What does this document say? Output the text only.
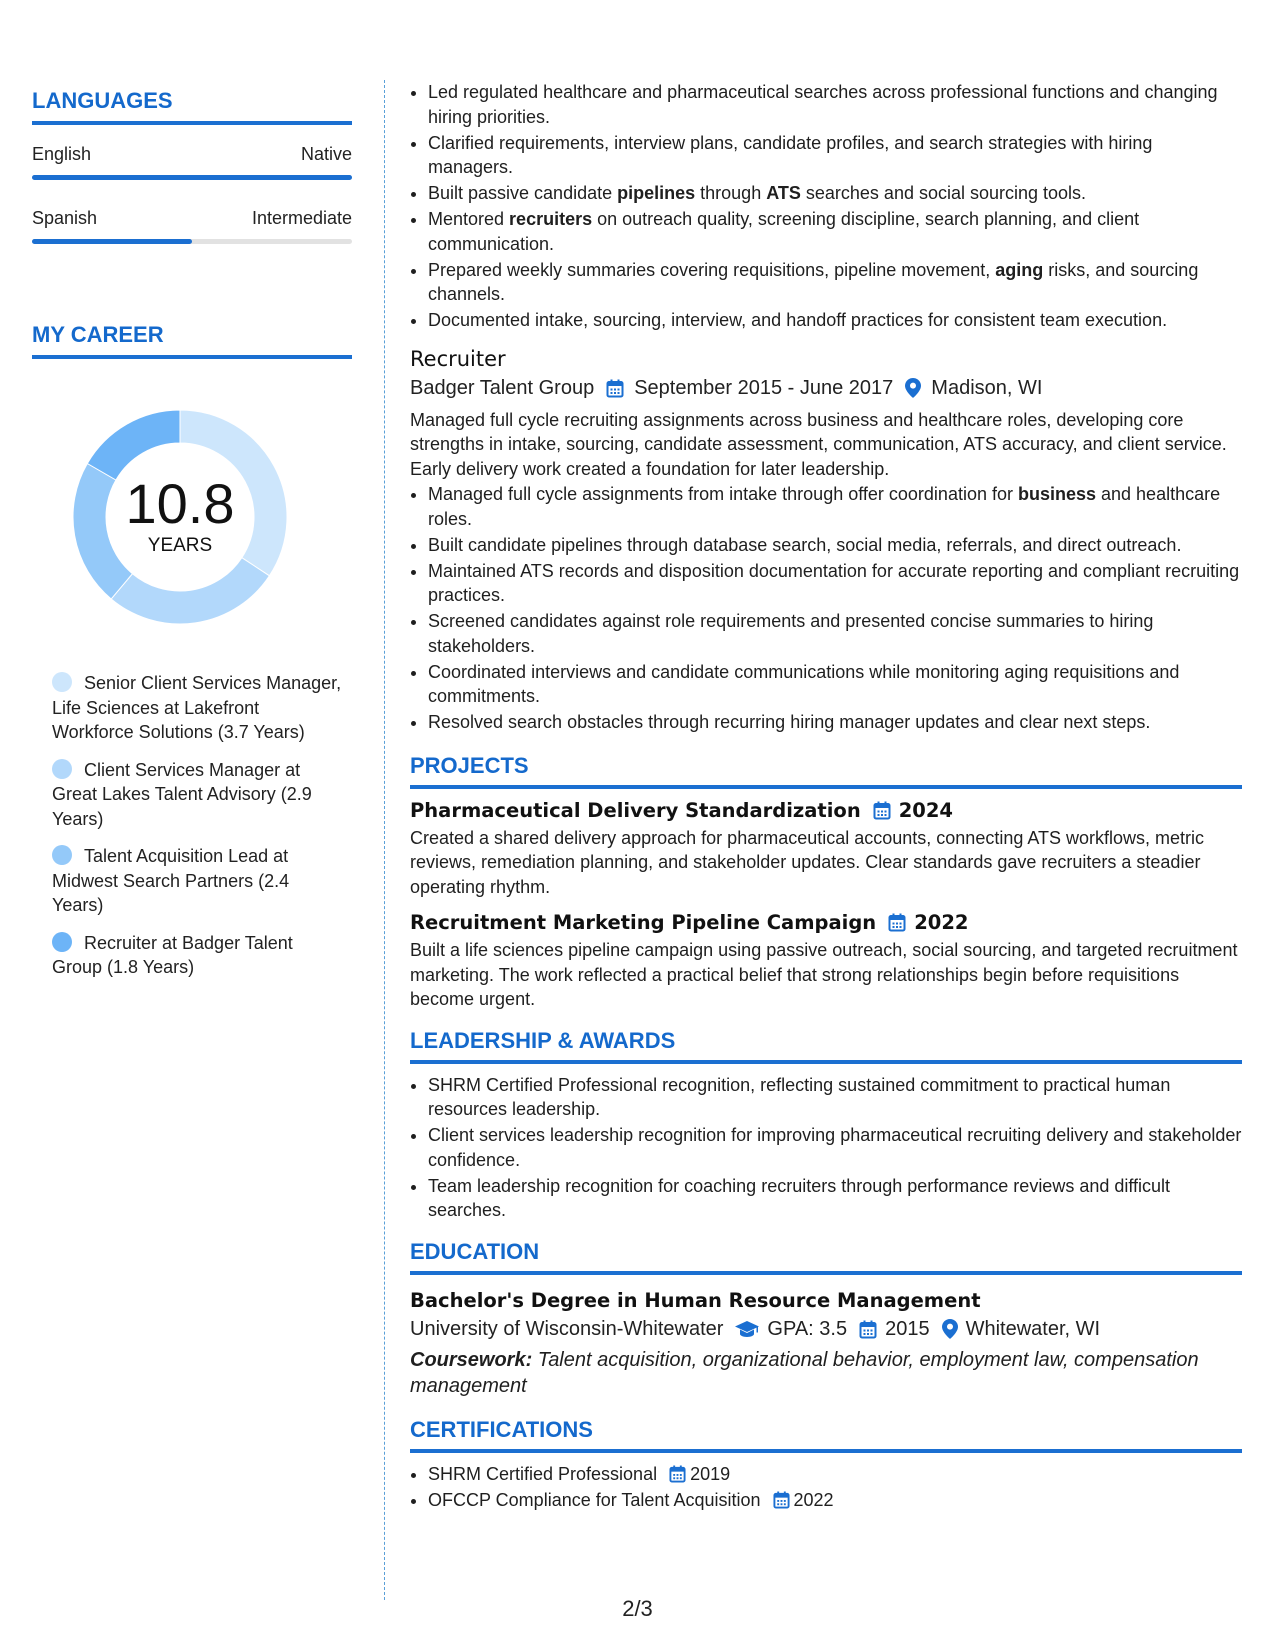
LANGUAGES
English	Native
Spanish	Intermediate
MY CAREER
10.8
YEARS
Senior Client Services Manager, Life Sciences at Lakefront Workforce Solutions (3.7 Years)
Client Services Manager at Great Lakes Talent Advisory (2.9 Years)
Talent Acquisition Lead at Midwest Search Partners (2.4 Years)
Recruiter at Badger Talent Group (1.8 Years)
• Led regulated healthcare and pharmaceutical searches across professional functions and changing hiring priorities.
• Clarified requirements, interview plans, candidate profiles, and search strategies with hiring managers.
• Built passive candidate pipelines through ATS searches and social sourcing tools.
• Mentored recruiters on outreach quality, screening discipline, search planning, and client communication.
• Prepared weekly summaries covering requisitions, pipeline movement, aging risks, and sourcing channels.
• Documented intake, sourcing, interview, and handoff practices for consistent team execution.
Recruiter
Badger Talent Group September 2015 - June 2017 Madison, WI
Managed full cycle recruiting assignments across business and healthcare roles, developing core strengths in intake, sourcing, candidate assessment, communication, ATS accuracy, and client service. Early delivery work created a foundation for later leadership.
• Managed full cycle assignments from intake through offer coordination for business and healthcare roles.
• Built candidate pipelines through database search, social media, referrals, and direct outreach.
• Maintained ATS records and disposition documentation for accurate reporting and compliant recruiting practices.
• Screened candidates against role requirements and presented concise summaries to hiring stakeholders.
• Coordinated interviews and candidate communications while monitoring aging requisitions and commitments.
• Resolved search obstacles through recurring hiring manager updates and clear next steps.
PROJECTS
Pharmaceutical Delivery Standardization 2024
Created a shared delivery approach for pharmaceutical accounts, connecting ATS workflows, metric reviews, remediation planning, and stakeholder updates. Clear standards gave recruiters a steadier operating rhythm.
Recruitment Marketing Pipeline Campaign 2022
Built a life sciences pipeline campaign using passive outreach, social sourcing, and targeted recruitment marketing. The work reflected a practical belief that strong relationships begin before requisitions become urgent.
LEADERSHIP & AWARDS
• SHRM Certified Professional recognition, reflecting sustained commitment to practical human resources leadership.
• Client services leadership recognition for improving pharmaceutical recruiting delivery and stakeholder confidence.
• Team leadership recognition for coaching recruiters through performance reviews and difficult searches.
EDUCATION
Bachelor's Degree in Human Resource Management
University of Wisconsin-Whitewater GPA: 3.5 2015 Whitewater, WI
Coursework: Talent acquisition, organizational behavior, employment law, compensation management
CERTIFICATIONS
• SHRM Certified Professional 2019
• OFCCP Compliance for Talent Acquisition 2022
2/3
